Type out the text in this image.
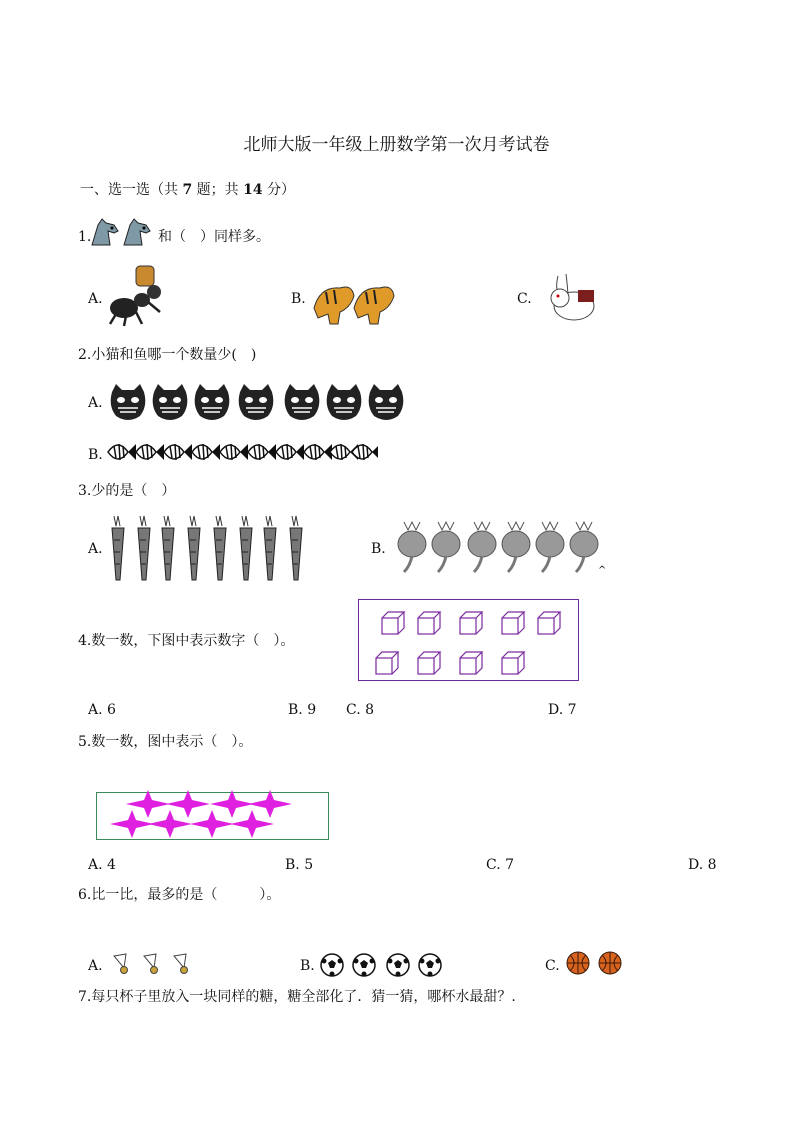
北师大版一年级上册数学第一次月考试卷
一、选一选（共 7 题；共 14 分）
1.	和（　）同样多。
A.	B.	C.
2.小猫和鱼哪一个数量少(　)
A.
B.
3.少的是（　）
A.	B.
^
4.数一数，下图中表示数字（　）。
A. 6	B. 9 C. 8	D. 7
5.数一数，图中表示（　）。
A. 4	B. 5	C. 7	D. 8
6.比一比，最多的是（　　　）。
A.	B.	C.
7.每只杯子里放入一块同样的糖，糖全部化了．猜一猜，哪杯水最甜？.
